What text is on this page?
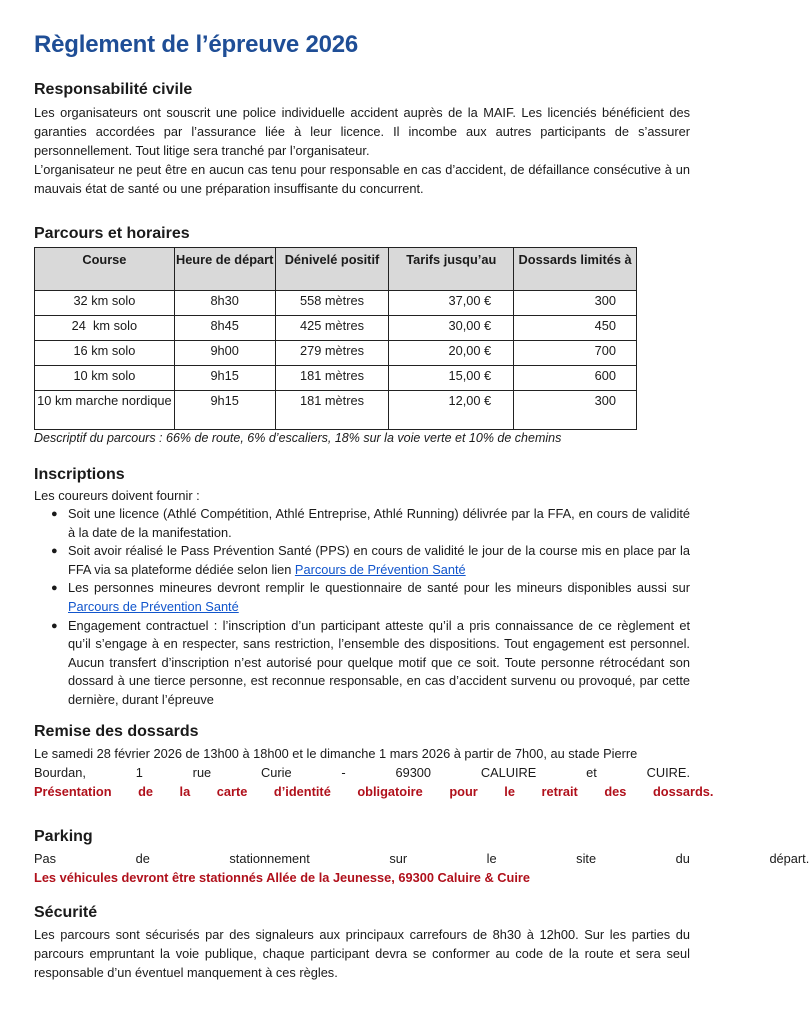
Règlement de l’épreuve 2026
Responsabilité civile

Les organisateurs ont souscrit une police individuelle accident auprès de la MAIF. Les licenciés bénéficient des garanties accordées par l’assurance liée à leur licence. Il incombe aux autres participants de s’assurer personnellement. Tout litige sera tranché par l’organisateur.

L’organisateur ne peut être en aucun cas tenu pour responsable en cas d’accident, de défaillance consécutive à un mauvais état de santé ou une préparation insuffisante du concurrent.

Parcours et horaires
Course	Heure de départ	Dénivelé positif	Tarifs jusqu’au	Dossards limités à
32 km solo	8h30	558 mètres	37,00 €	300
24  km solo	8h45	425 mètres	30,00 €	450
16 km solo	9h00	279 mètres	20,00 €	700
10 km solo	9h15	181 mètres	15,00 €	600
10 km marche nordique	9h15	181 mètres	12,00 €	300

Descriptif du parcours : 66% de route, 6% d’escaliers, 18% sur la voie verte et 10% de chemins

Inscriptions

Les coureurs doivent fournir :

● Soit une licence (Athlé Compétition, Athlé Entreprise, Athlé Running) délivrée par la FFA, en cours de validité à la date de la manifestation.
● Soit avoir réalisé le Pass Prévention Santé (PPS) en cours de validité le jour de la course mis en place par la FFA via sa plateforme dédiée selon lien Parcours de Prévention Santé
● Les personnes mineures devront remplir le questionnaire de santé pour les mineurs disponibles aussi sur Parcours de Prévention Santé
● Engagement contractuel : l’inscription d’un participant atteste qu’il a pris connaissance de ce règlement et qu’il s’engage à en respecter, sans restriction, l’ensemble des dispositions. Tout engagement est personnel. Aucun transfert d’inscription n’est autorisé pour quelque motif que ce soit. Toute personne rétrocédant son dossard à une tierce personne, est reconnue responsable, en cas d’accident survenu ou provoqué, par cette dernière, durant l’épreuve
Remise des dossards

Le samedi 28 février 2026 de 13h00 à 18h00 et le dimanche 1 mars 2026 à partir de 7h00, au stade Pierre

Bourdan,       1       rue       Curie       -       69300       CALUIRE       et       CUIRE.

Présentation de la carte d’identité obligatoire pour le retrait des dossards.

Parking

Pas de stationnement sur le site du départ.

Les véhicules devront être stationnés Allée de la Jeunesse, 69300 Caluire & Cuire

Sécurité

Les parcours sont sécurisés par des signaleurs aux principaux carrefours de 8h30 à 12h00. Sur les parties du parcours empruntant la voie publique, chaque participant devra se conformer au code de la route et sera seul responsable d’un éventuel manquement à ces règles.
